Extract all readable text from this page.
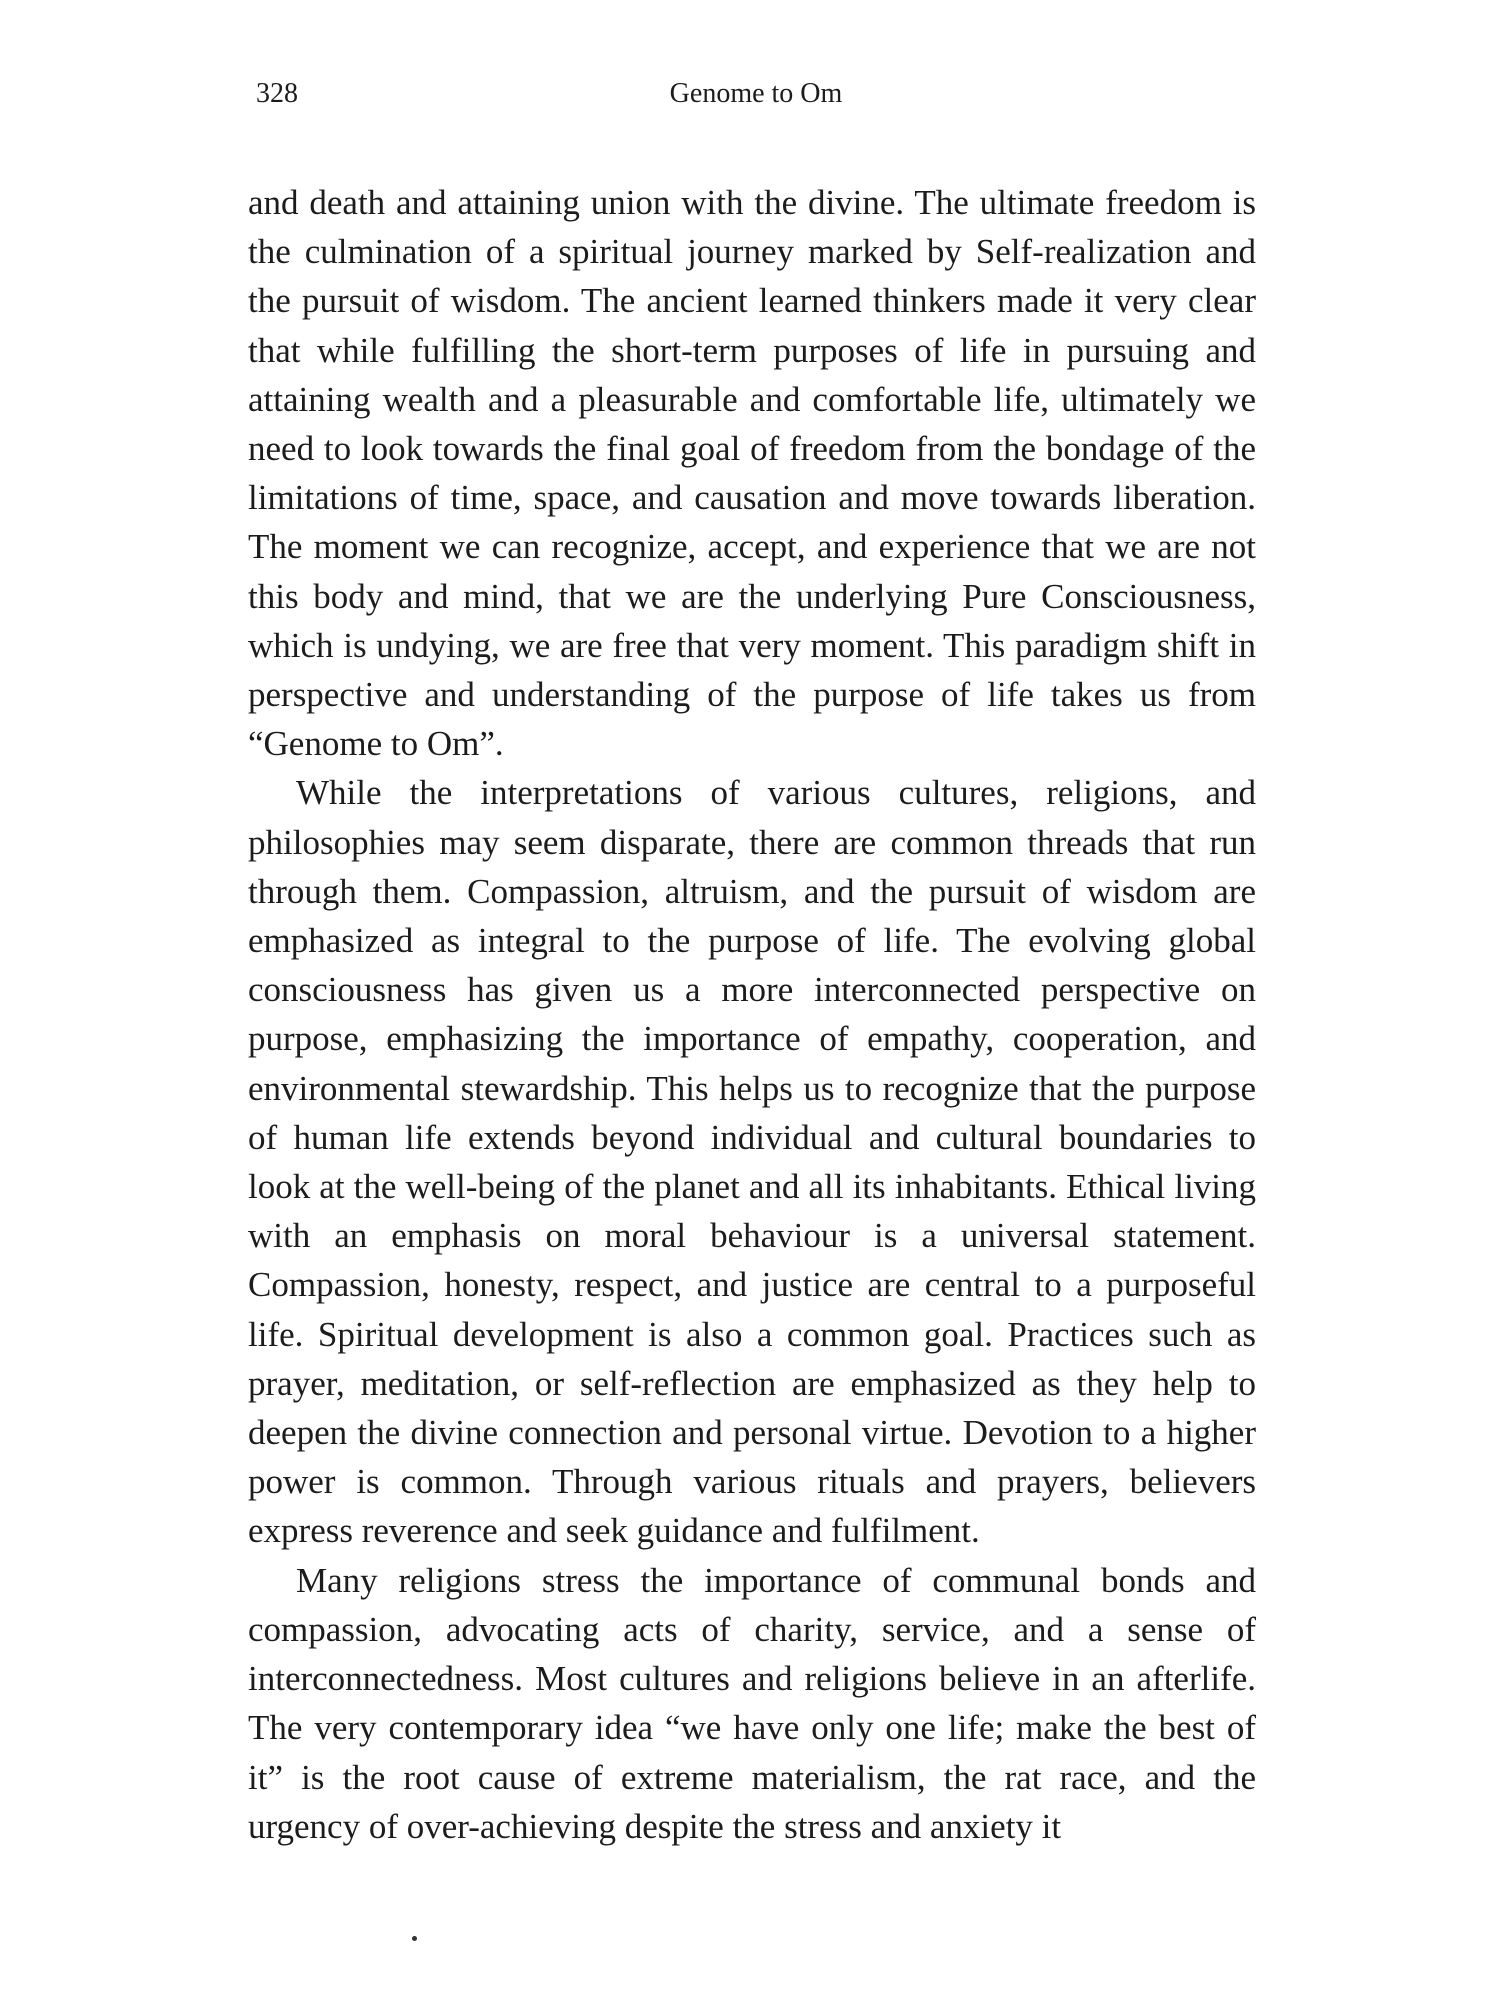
328	Genome to Om

and death and attaining union with the divine. The ultimate freedom is the culmination of a spiritual journey marked by Self-realization and the pursuit of wisdom. The ancient learned thinkers made it very clear that while fulfilling the short-term purposes of life in pursuing and attaining wealth and a pleasurable and comfortable life, ultimately we need to look towards the final goal of freedom from the bondage of the limitations of time, space, and causation and move towards liberation. The moment we can recognize, accept, and experience that we are not this body and mind, that we are the underlying Pure Consciousness, which is undying, we are free that very moment. This paradigm shift in perspective and understanding of the purpose of life takes us from “Genome to Om”.

While the interpretations of various cultures, religions, and philosophies may seem disparate, there are common threads that run through them. Compassion, altruism, and the pursuit of wisdom are emphasized as integral to the purpose of life. The evolving global consciousness has given us a more interconnected perspective on purpose, emphasizing the importance of empathy, cooperation, and environmental stewardship. This helps us to recognize that the purpose of human life extends beyond individual and cultural boundaries to look at the well-being of the planet and all its inhabitants. Ethical living with an emphasis on moral behaviour is a universal statement. Compassion, honesty, respect, and justice are central to a purposeful life. Spiritual development is also a common goal. Practices such as prayer, meditation, or self-reflection are emphasized as they help to deepen the divine connection and personal virtue. Devotion to a higher power is common. Through various rituals and prayers, believers express reverence and seek guidance and fulfilment.

Many religions stress the importance of communal bonds and compassion, advocating acts of charity, service, and a sense of interconnectedness. Most cultures and religions believe in an afterlife. The very contemporary idea “we have only one life; make the best of it” is the root cause of extreme materialism, the rat race, and the urgency of over-achieving despite the stress and anxiety it
